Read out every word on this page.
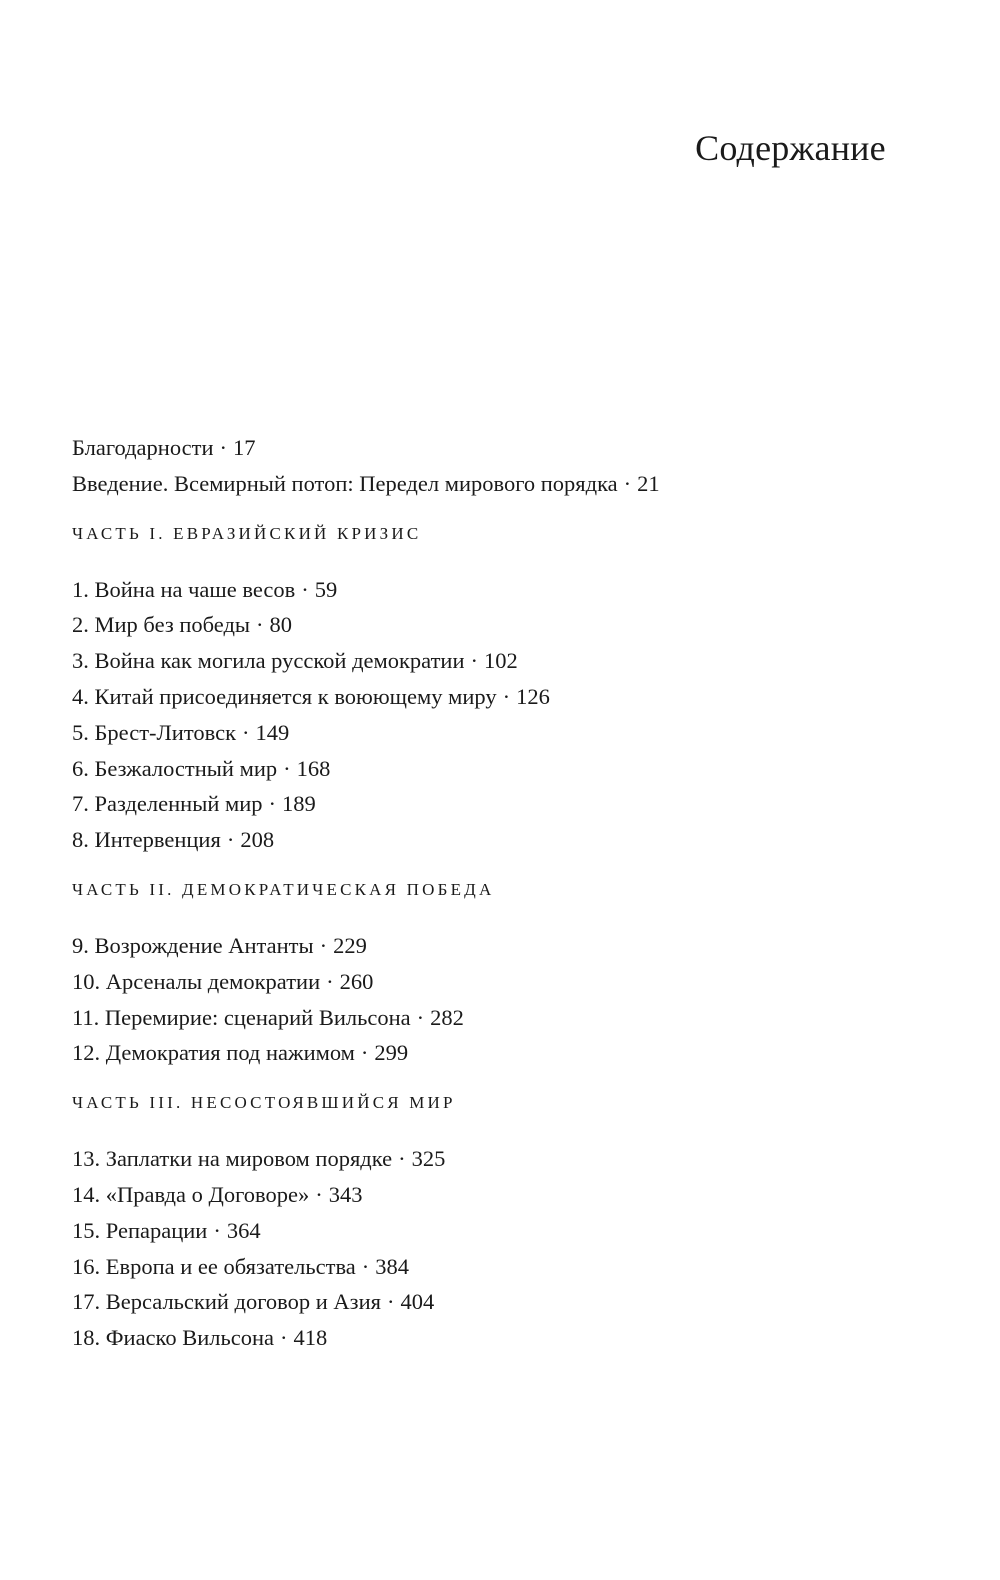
Содержание
Благодарности · 17
Введение. Всемирный потоп: Передел мирового порядка · 21
ЧАСТЬ I. ЕВРАЗИЙСКИЙ КРИЗИС
1. Война на чаше весов · 59
2. Мир без победы · 80
3. Война как могила русской демократии · 102
4. Китай присоединяется к воюющему миру · 126
5. Брест-Литовск · 149
6. Безжалостный мир · 168
7. Разделенный мир · 189
8. Интервенция · 208
ЧАСТЬ II. ДЕМОКРАТИЧЕСКАЯ ПОБЕДА
9. Возрождение Антанты · 229
10. Арсеналы демократии · 260
11. Перемирие: сценарий Вильсона · 282
12. Демократия под нажимом · 299
ЧАСТЬ III. НЕСОСТОЯВШИЙСЯ МИР
13. Заплатки на мировом порядке · 325
14. «Правда о Договоре» · 343
15. Репарации · 364
16. Европа и ее обязательства · 384
17. Версальский договор и Азия · 404
18. Фиаско Вильсона · 418
